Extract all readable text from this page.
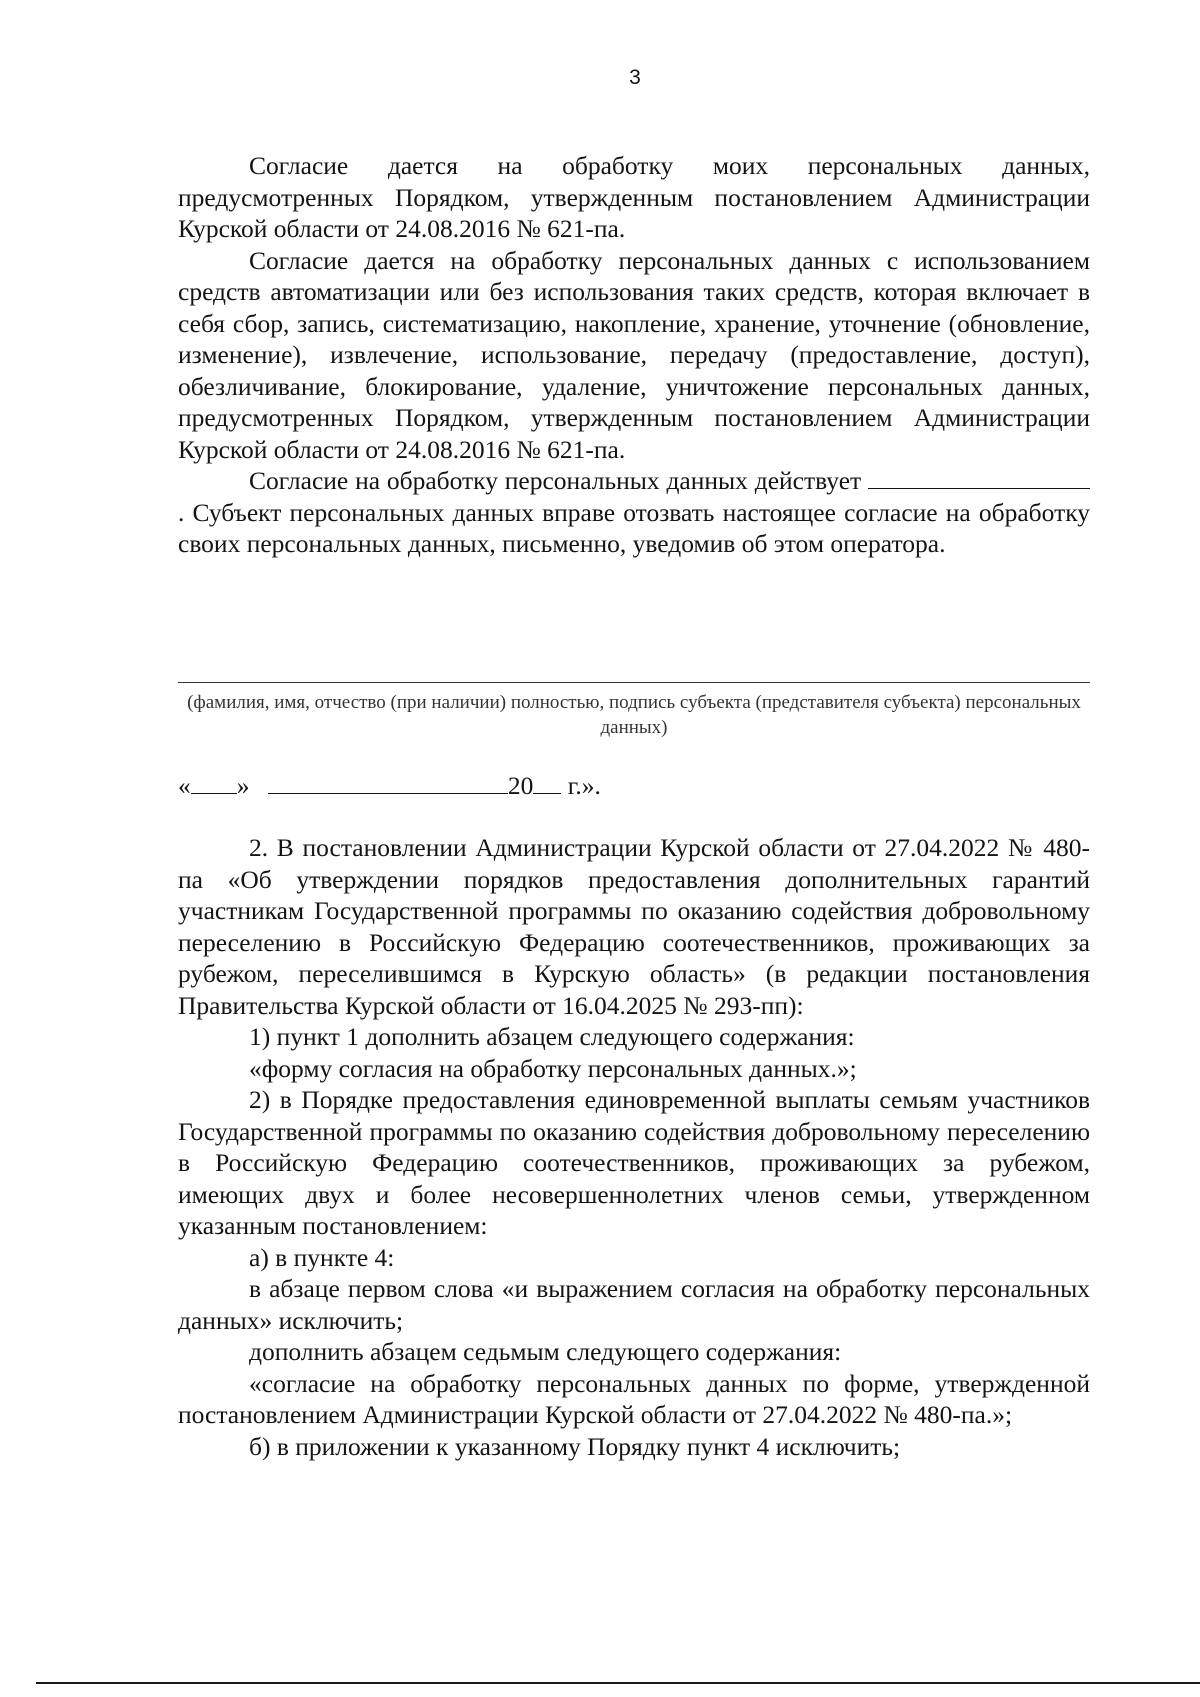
3

Согласие дается на обработку моих персональных данных, предусмотренных Порядком, утвержденным постановлением Администрации Курской области от 24.08.2016 № 621-па.

Согласие дается на обработку персональных данных с использованием средств автоматизации или без использования таких средств, которая включает в себя сбор, запись, систематизацию, накопление, хранение, уточнение (обновление, изменение), извлечение, использование, передачу (предоставление, доступ), обезличивание, блокирование, удаление, уничтожение персональных данных, предусмотренных Порядком, утвержденным постановлением Администрации Курской области от 24.08.2016 № 621-па.

Согласие на обработку персональных данных действует . Субъект персональных данных вправе отозвать настоящее согласие на обработку своих персональных данных, письменно, уведомив об этом оператора.

(фамилия, имя, отчество (при наличии) полностью, подпись субъекта (представителя субъекта) персональных данных)
« »	20 г.».

2. В постановлении Администрации Курской области от 27.04.2022 № 480-па «Об утверждении порядков предоставления дополнительных гарантий участникам Государственной программы по оказанию содействия добровольному переселению в Российскую Федерацию соотечественников, проживающих за рубежом, переселившимся в Курскую область» (в редакции постановления Правительства Курской области от 16.04.2025 № 293-пп):

1) пункт 1 дополнить абзацем следующего содержания:

«форму согласия на обработку персональных данных.»;

2) в Порядке предоставления единовременной выплаты семьям участников Государственной программы по оказанию содействия добровольному переселению в Российскую Федерацию соотечественников, проживающих за рубежом, имеющих двух и более несовершеннолетних членов семьи, утвержденном указанным постановлением:

а) в пункте 4:

в абзаце первом слова «и выражением согласия на обработку персональных данных» исключить;

дополнить абзацем седьмым следующего содержания:

«согласие на обработку персональных данных по форме, утвержденной постановлением Администрации Курской области от 27.04.2022 № 480-па.»;

б) в приложении к указанному Порядку пункт 4 исключить;
